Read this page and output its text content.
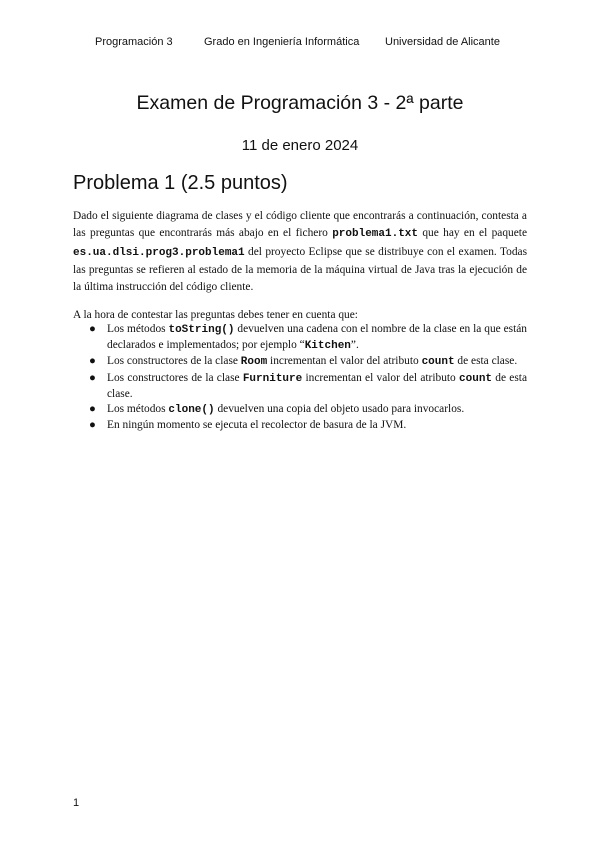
Programación 3	Grado en Ingeniería Informática Universidad de Alicante
Examen de Programación 3 - 2ª parte
11 de enero 2024
Problema 1 (2.5 puntos)
Dado el siguiente diagrama de clases y el código cliente que encontrarás a continuación, contesta a las preguntas que encontrarás más abajo en el fichero problema1.txt que hay en el paquete es.ua.dlsi.prog3.problema1 del proyecto Eclipse que se distribuye con el examen. Todas las preguntas se refieren al estado de la memoria de la máquina virtual de Java tras la ejecución de la última instrucción del código cliente.
A la hora de contestar las preguntas debes tener en cuenta que:
● Los métodos toString() devuelven una cadena con el nombre de la clase en la que están declarados e implementados; por ejemplo “Kitchen”.
● Los constructores de la clase Room incrementan el valor del atributo count de esta clase.
● Los constructores de la clase Furniture incrementan el valor del atributo count de esta clase.
● Los métodos clone() devuelven una copia del objeto usado para invocarlos.
● En ningún momento se ejecuta el recolector de basura de la JVM.
1
